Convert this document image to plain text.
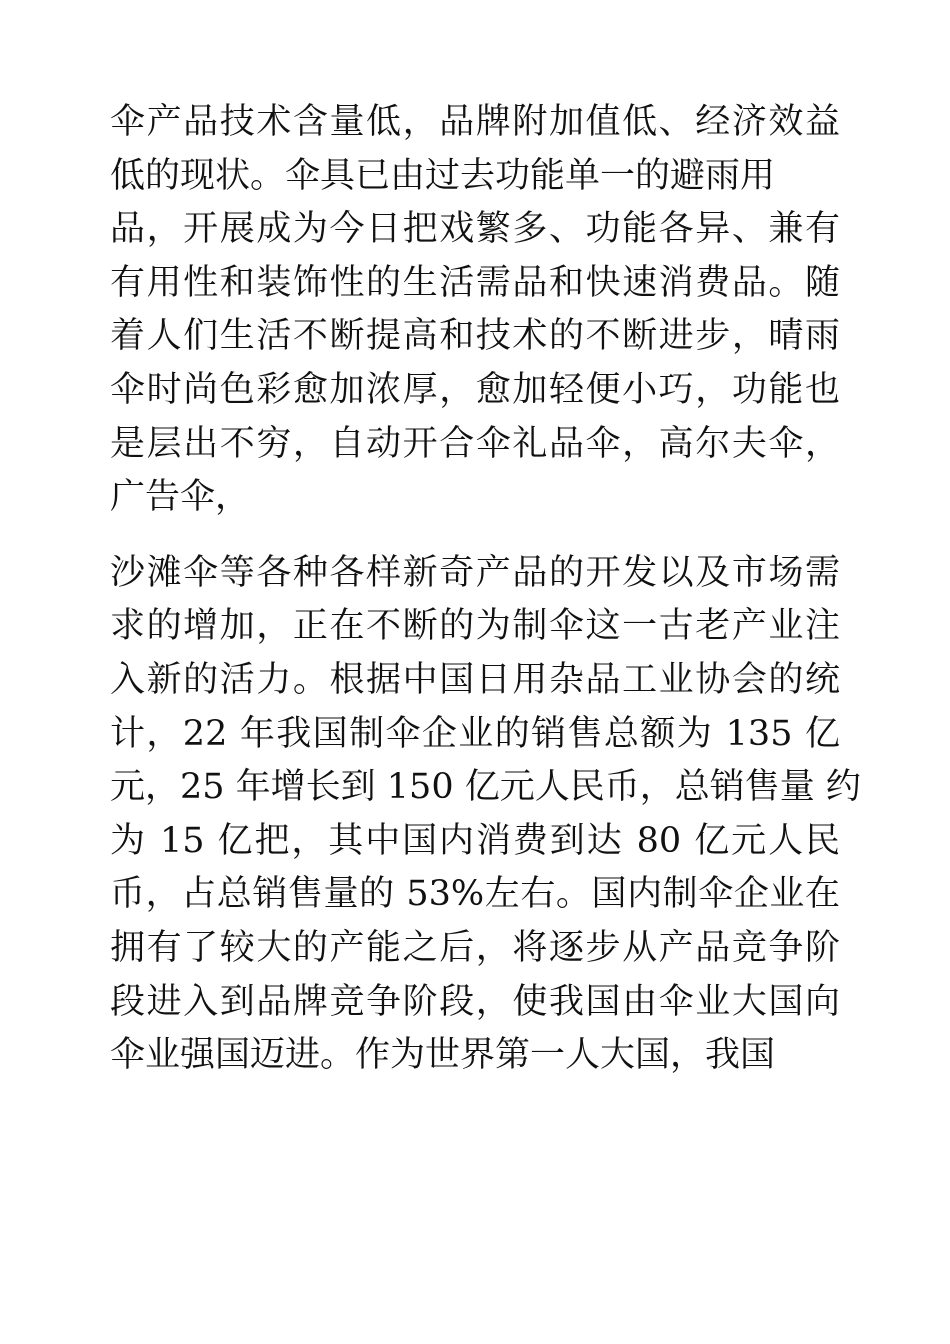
伞产品技术含量低，品牌附加值低、经济效益
低的现状。伞具已由过去功能单一的避雨用
品，开展成为今日把戏繁多、功能各异、兼有
有用性和装饰性的生活需品和快速消费品。随
着人们生活不断提高和技术的不断进步，晴雨
伞时尚色彩愈加浓厚，愈加轻便小巧，功能也
是层出不穷，自动开合伞礼品伞，高尔夫伞，
广告伞，

沙滩伞等各种各样新奇产品的开发以及市场需
求的增加，正在不断的为制伞这一古老产业注
入新的活力。根据中国日用杂品工业协会的统
计，22 年我国制伞企业的销售总额为 135 亿
元，25 年增长到 150 亿元人民币，总销售量 约
为 15 亿把，其中国内消费到达 80 亿元人民
币，占总销售量的 53%左右。国内制伞企业在
拥有了较大的产能之后，将逐步从产品竞争阶
段进入到品牌竞争阶段，使我国由伞业大国向
伞业强国迈进。作为世界第一人大国，我国
